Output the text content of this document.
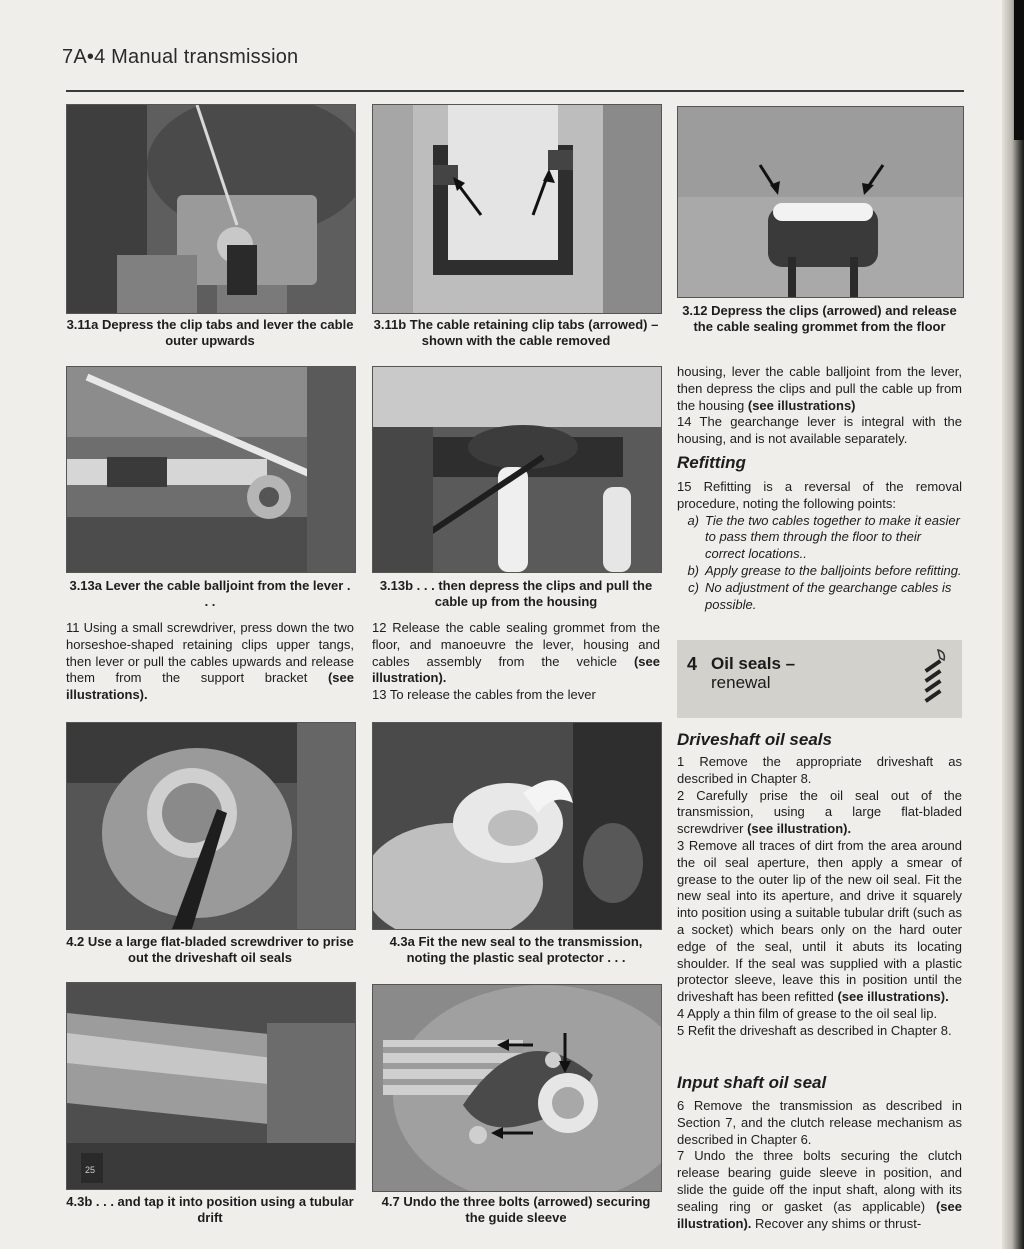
7A•4 Manual transmission
3.11a Depress the clip tabs and lever the cable outer upwards
3.11b The cable retaining clip tabs (arrowed) – shown with the cable removed
3.12 Depress the clips (arrowed) and release the cable sealing grommet from the floor
3.13a Lever the cable balljoint from the lever . . .
3.13b . . . then depress the clips and pull the cable up from the housing

11 Using a small screwdriver, press down the two horseshoe-shaped retaining clips upper tangs, then lever or pull the cables upwards and release them from the support bracket (see illustrations).

12 Release the cable sealing grommet from the floor, and manoeuvre the lever, housing and cables assembly from the vehicle (see illustration).

13 To release the cables from the lever

4.2 Use a large flat-bladed screwdriver to prise out the driveshaft oil seals
4.3a Fit the new seal to the transmission, noting the plastic seal protector . . .
25
4.3b . . . and tap it into position using a tubular drift
4.7 Undo the three bolts (arrowed) securing the guide sleeve

housing, lever the cable balljoint from the lever, then depress the clips and pull the cable up from the housing (see illustrations)

14 The gearchange lever is integral with the housing, and is not available separately.

Refitting

15 Refitting is a reversal of the removal procedure, noting the following points:

a) Tie the two cables together to make it easier to pass them through the floor to their correct locations..
b) Apply grease to the balljoints before refitting.
c) No adjustment of the gearchange cables is possible.
4 Oil seals –
renewal
Driveshaft oil seals

1 Remove the appropriate driveshaft as described in Chapter 8.

2 Carefully prise the oil seal out of the transmission, using a large flat-bladed screwdriver (see illustration).

3 Remove all traces of dirt from the area around the oil seal aperture, then apply a smear of grease to the outer lip of the new oil seal. Fit the new seal into its aperture, and drive it squarely into position using a suitable tubular drift (such as a socket) which bears only on the hard outer edge of the seal, until it abuts its locating shoulder. If the seal was supplied with a plastic protector sleeve, leave this in position until the driveshaft has been refitted (see illustrations).

4 Apply a thin film of grease to the oil seal lip.

5 Refit the driveshaft as described in Chapter 8.

Input shaft oil seal

6 Remove the transmission as described in Section 7, and the clutch release mechanism as described in Chapter 6.

7 Undo the three bolts securing the clutch release bearing guide sleeve in position, and slide the guide off the input shaft, along with its sealing ring or gasket (as applicable) (see illustration). Recover any shims or thrust-
